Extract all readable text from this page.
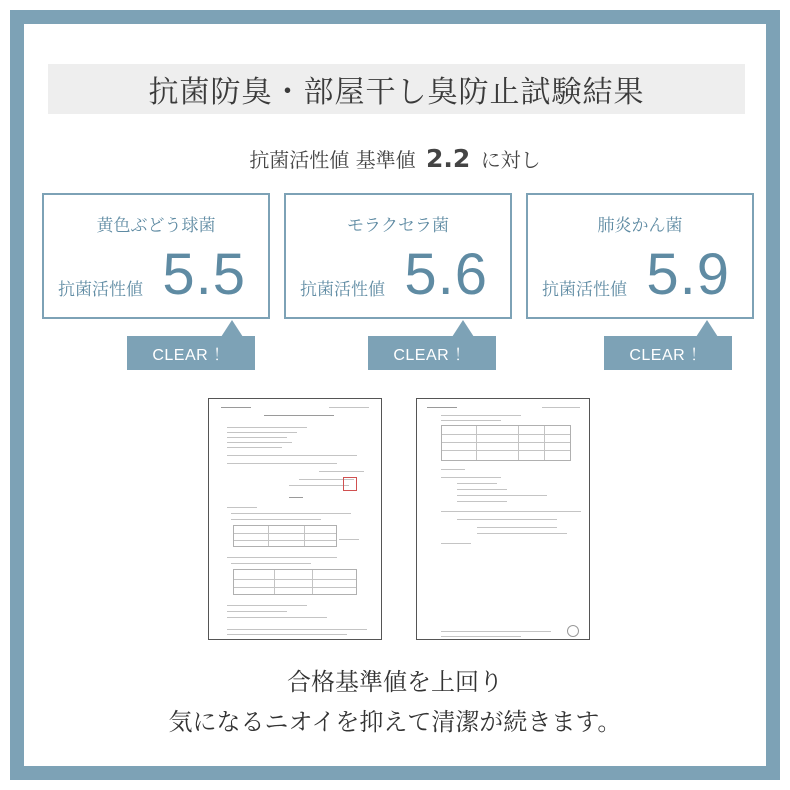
抗菌防臭・部屋干し臭防止試験結果
抗菌活性値 基準値 2.2 に対し
黄色ぶどう球菌
抗菌活性値 5.5
CLEAR ！
モラクセラ菌
抗菌活性値 5.6
CLEAR ！
肺炎かん菌
抗菌活性値 5.9
CLEAR ！
合格基準値を上回り
気になるニオイを抑えて清潔が続きます。
